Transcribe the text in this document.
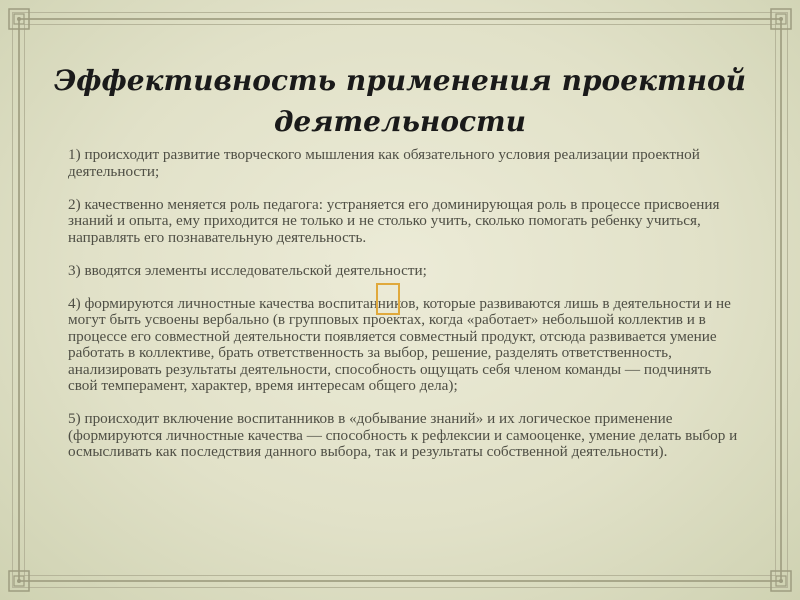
Эффективность применения проектной деятельности

1) происходит развитие творческого мышления как обязательного условия реализации проектной деятельности;

2) качественно меняется роль педагога: устраняется его доминирующая роль в процессе присвоения знаний и опыта, ему приходится не только и не столько учить, сколько помогать ребенку учиться, направлять его познавательную деятельность.

3) вводятся элементы исследовательской деятельности;

4) формируются личностные качества воспитанников, которые развиваются лишь в деятельности и не могут быть усвоены вербально (в групповых проектах, когда «работает» небольшой коллектив и в процессе его совместной деятельности появляется совместный продукт, отсюда развивается умение работать в коллективе, брать ответственность за выбор, решение, разделять ответственность, анализировать результаты деятельности, способность ощущать себя членом команды — подчинять свой темперамент, характер, время интересам общего дела);

5) происходит включение воспитанников в «добывание знаний» и их логическое применение (формируются личностные качества — способность к рефлексии и самооценке, умение делать выбор и осмысливать как последствия данного выбора, так и результаты собственной деятельности).
